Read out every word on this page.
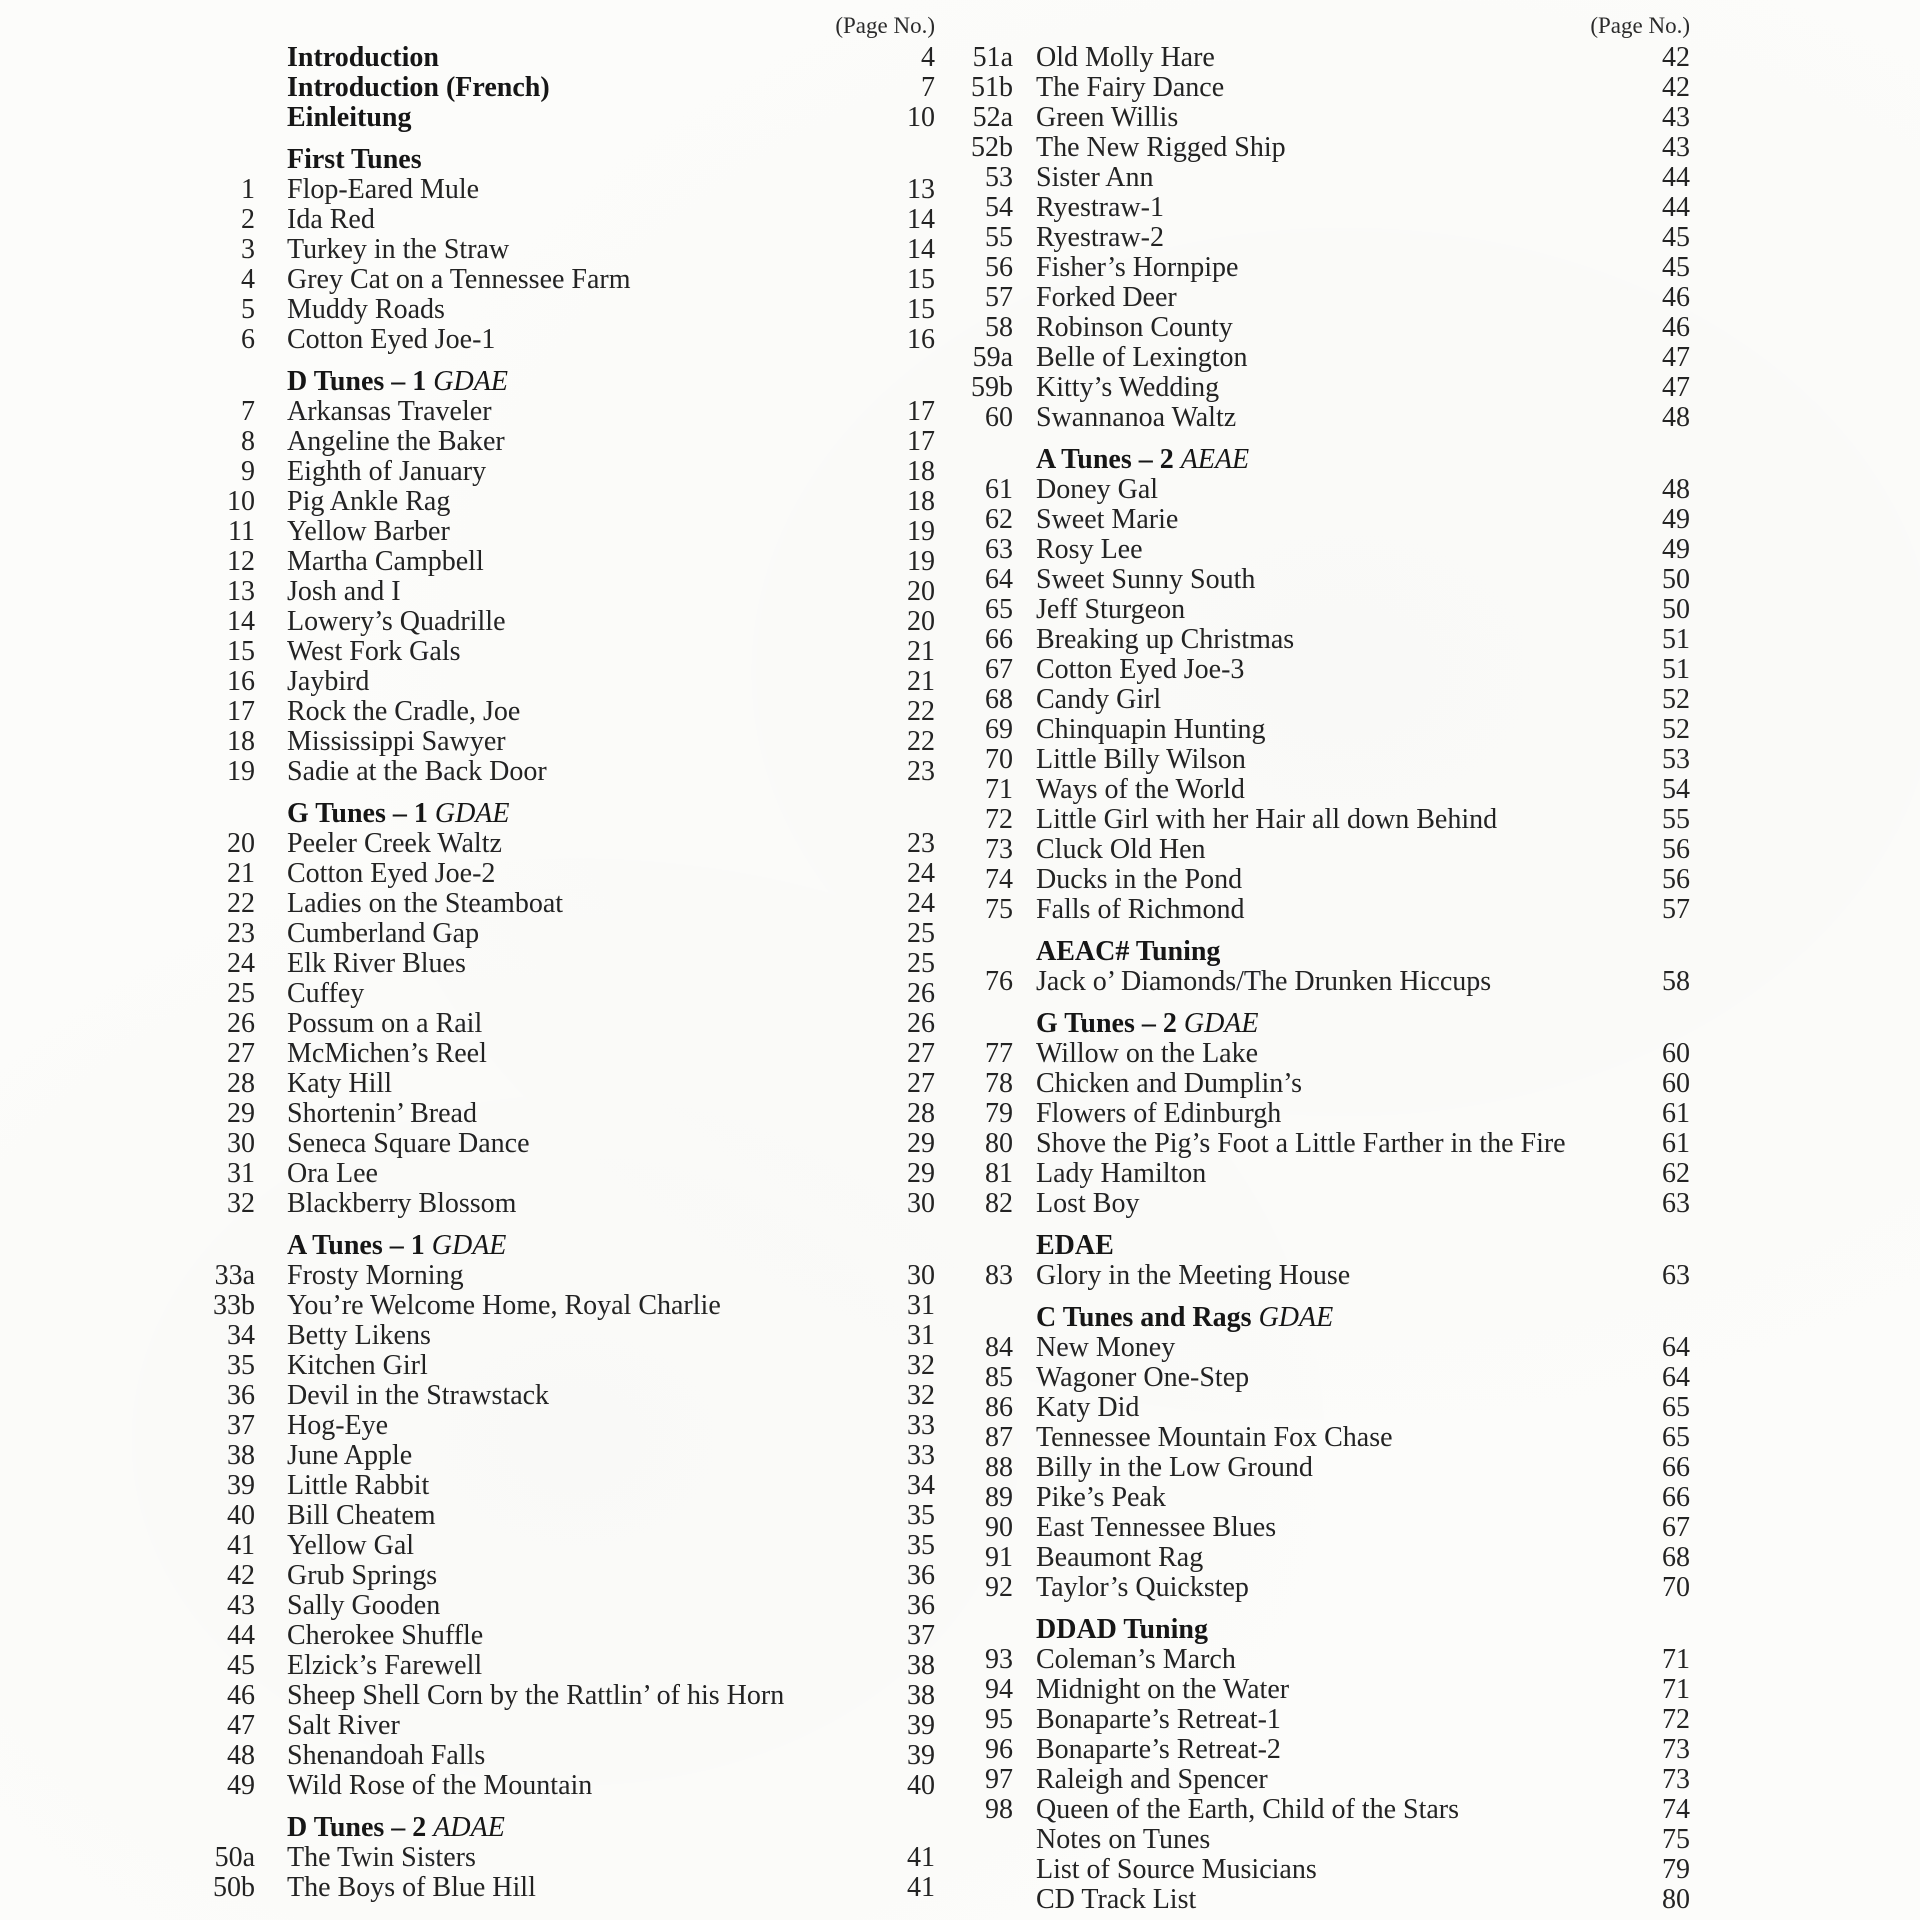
(Page No.)
Introduction	4
Introduction (French)	7
Einleitung	10
First Tunes
1 Flop-Eared Mule	13
2 Ida Red	14
3 Turkey in the Straw	14
4 Grey Cat on a Tennessee Farm	15
5 Muddy Roads	15
6 Cotton Eyed Joe-1	16
D Tunes – 1 GDAE
7 Arkansas Traveler	17
8 Angeline the Baker	17
9 Eighth of January	18
10 Pig Ankle Rag	18
11 Yellow Barber	19
12 Martha Campbell	19
13 Josh and I	20
14 Lowery’s Quadrille	20
15 West Fork Gals	21
16 Jaybird	21
17 Rock the Cradle, Joe	22
18 Mississippi Sawyer	22
19 Sadie at the Back Door	23
G Tunes – 1 GDAE
20 Peeler Creek Waltz	23
21 Cotton Eyed Joe-2	24
22 Ladies on the Steamboat	24
23 Cumberland Gap	25
24 Elk River Blues	25
25 Cuffey	26
26 Possum on a Rail	26
27 McMichen’s Reel	27
28 Katy Hill	27
29 Shortenin’ Bread	28
30 Seneca Square Dance	29
31 Ora Lee	29
32 Blackberry Blossom	30
A Tunes – 1 GDAE
33a Frosty Morning	30
33b You’re Welcome Home, Royal Charlie	31
34 Betty Likens	31
35 Kitchen Girl	32
36 Devil in the Strawstack	32
37 Hog-Eye	33
38 June Apple	33
39 Little Rabbit	34
40 Bill Cheatem	35
41 Yellow Gal	35
42 Grub Springs	36
43 Sally Gooden	36
44 Cherokee Shuffle	37
45 Elzick’s Farewell	38
46 Sheep Shell Corn by the Rattlin’ of his Horn	38
47 Salt River	39
48 Shenandoah Falls	39
49 Wild Rose of the Mountain	40
D Tunes – 2 ADAE
50a The Twin Sisters	41
50b The Boys of Blue Hill	41
(Page No.)
51a Old Molly Hare	42
51b The Fairy Dance	42
52a Green Willis	43
52b The New Rigged Ship	43
53 Sister Ann	44
54 Ryestraw-1	44
55 Ryestraw-2	45
56 Fisher’s Hornpipe	45
57 Forked Deer	46
58 Robinson County	46
59a Belle of Lexington	47
59b Kitty’s Wedding	47
60 Swannanoa Waltz	48
A Tunes – 2 AEAE
61 Doney Gal	48
62 Sweet Marie	49
63 Rosy Lee	49
64 Sweet Sunny South	50
65 Jeff Sturgeon	50
66 Breaking up Christmas	51
67 Cotton Eyed Joe-3	51
68 Candy Girl	52
69 Chinquapin Hunting	52
70 Little Billy Wilson	53
71 Ways of the World	54
72 Little Girl with her Hair all down Behind	55
73 Cluck Old Hen	56
74 Ducks in the Pond	56
75 Falls of Richmond	57
AEAC# Tuning
76 Jack o’ Diamonds/The Drunken Hiccups	58
G Tunes – 2 GDAE
77 Willow on the Lake	60
78 Chicken and Dumplin’s	60
79 Flowers of Edinburgh	61
80 Shove the Pig’s Foot a Little Farther in the Fire	61
81 Lady Hamilton	62
82 Lost Boy	63
EDAE
83 Glory in the Meeting House	63
C Tunes and Rags GDAE
84 New Money	64
85 Wagoner One-Step	64
86 Katy Did	65
87 Tennessee Mountain Fox Chase	65
88 Billy in the Low Ground	66
89 Pike’s Peak	66
90 East Tennessee Blues	67
91 Beaumont Rag	68
92 Taylor’s Quickstep	70
DDAD Tuning
93 Coleman’s March	71
94 Midnight on the Water	71
95 Bonaparte’s Retreat-1	72
96 Bonaparte’s Retreat-2	73
97 Raleigh and Spencer	73
98 Queen of the Earth, Child of the Stars	74
Notes on Tunes	75
List of Source Musicians	79
CD Track List	80
